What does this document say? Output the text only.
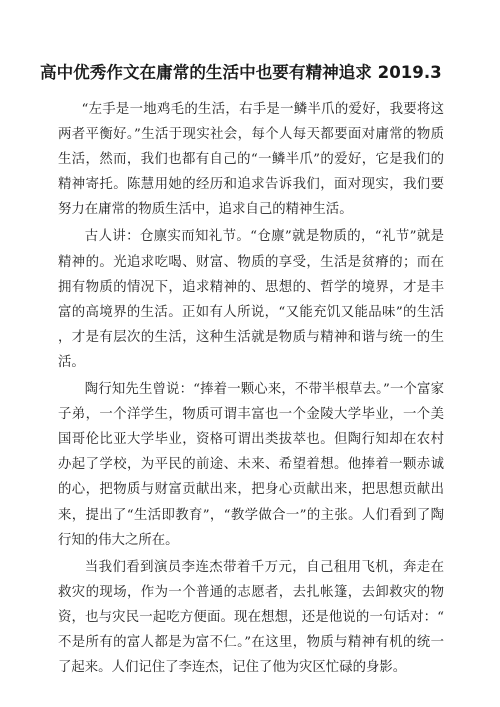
高中优秀作文在庸常的生活中也要有精神追求 2019.3

“左手是一地鸡毛的生活，右手是一鳞半爪的爱好，我要将这两者平衡好。”生活于现实社会，每个人每天都要面对庸常的物质生活，然而，我们也都有自己的“一鳞半爪”的爱好，它是我们的精神寄托。陈慧用她的经历和追求告诉我们，面对现实，我们要努力在庸常的物质生活中，追求自己的精神生活。

古人讲：仓廪实而知礼节。“仓廪”就是物质的，“礼节”就是精神的。光追求吃喝、财富、物质的享受，生活是贫瘠的；而在拥有物质的情况下，追求精神的、思想的、哲学的境界，才是丰富的高境界的生活。正如有人所说，“又能充饥又能品味”的生活，才是有层次的生活，这种生活就是物质与精神和谐与统一的生活。

陶行知先生曾说：“捧着一颗心来，不带半根草去。”一个富家子弟，一个洋学生，物质可谓丰富也一个金陵大学毕业，一个美国哥伦比亚大学毕业，资格可谓出类拔萃也。但陶行知却在农村办起了学校，为平民的前途、未来、希望着想。他捧着一颗赤诚的心，把物质与财富贡献出来，把身心贡献出来，把思想贡献出来，提出了“生活即教育”，“教学做合一”的主张。人们看到了陶行知的伟大之所在。

当我们看到演员李连杰带着千万元，自己租用飞机，奔走在救灾的现场，作为一个普通的志愿者，去扎帐篷，去卸救灾的物资，也与灾民一起吃方便面。现在想想，还是他说的一句话对：“不是所有的富人都是为富不仁。”在这里，物质与精神有机的统一了起来。人们记住了李连杰，记住了他为灾区忙碌的身影。
